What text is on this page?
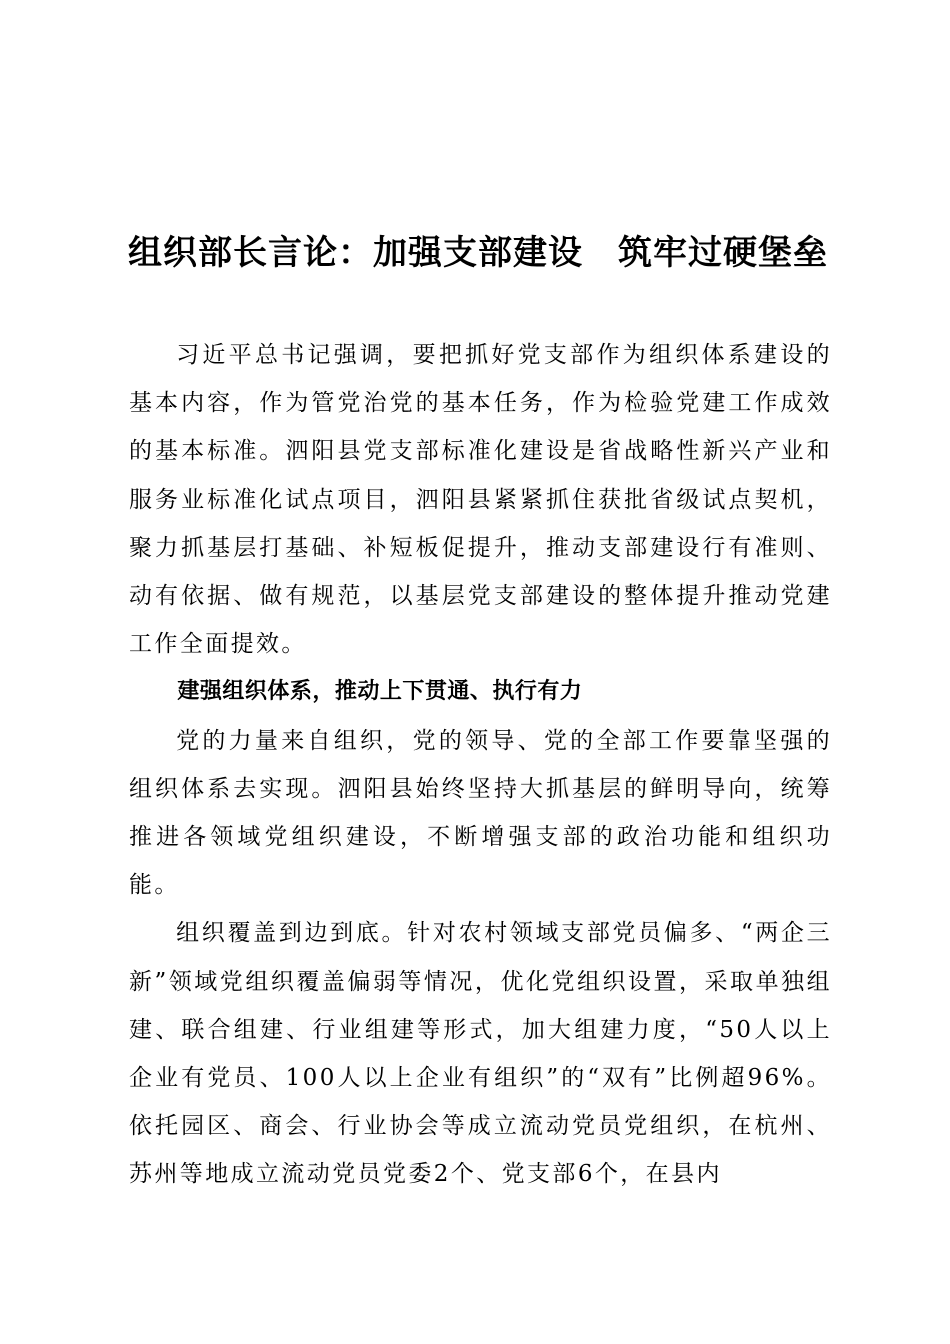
组织部长言论：加强支部建设　筑牢过硬堡垒

习近平总书记强调，要把抓好党支部作为组织体系建设的基本内容，作为管党治党的基本任务，作为检验党建工作成效的基本标准。泗阳县党支部标准化建设是省战略性新兴产业和服务业标准化试点项目，泗阳县紧紧抓住获批省级试点契机，聚力抓基层打基础、补短板促提升，推动支部建设行有准则、动有依据、做有规范，以基层党支部建设的整体提升推动党建工作全面提效。

建强组织体系，推动上下贯通、执行有力

党的力量来自组织，党的领导、党的全部工作要靠坚强的组织体系去实现。泗阳县始终坚持大抓基层的鲜明导向，统筹推进各领域党组织建设，不断增强支部的政治功能和组织功能。

组织覆盖到边到底。针对农村领域支部党员偏多、“两企三新”领域党组织覆盖偏弱等情况，优化党组织设置，采取单独组建、联合组建、行业组建等形式，加大组建力度，“50人以上企业有党员、100人以上企业有组织”的“双有”比例超96%。依托园区、商会、行业协会等成立流动党员党组织，在杭州、苏州等地成立流动党员党委2个、党支部6个，在县内
